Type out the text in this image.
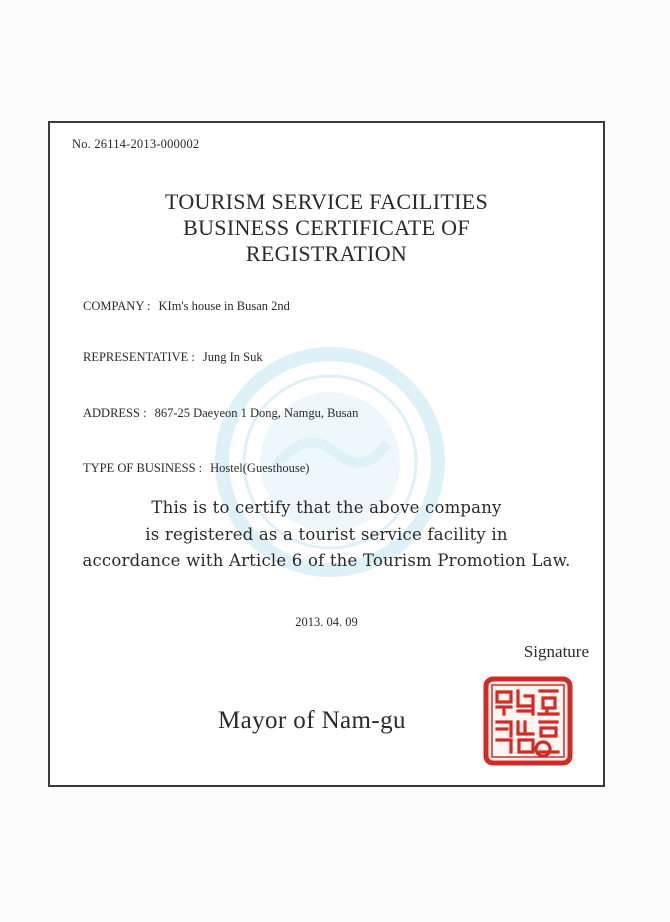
No. 26114-2013-000002
TOURISM SERVICE FACILITIES
BUSINESS CERTIFICATE OF
REGISTRATION
COMPANY : KIm's house in Busan 2nd
REPRESENTATIVE : Jung In Suk
ADDRESS : 867-25 Daeyeon 1 Dong, Namgu, Busan
TYPE OF BUSINESS : Hostel(Guesthouse)
This is to certify that the above company
is registered as a tourist service facility in
accordance with Article 6 of the Tourism Promotion Law.
2013. 04. 09
Signature
Mayor of Nam-gu
